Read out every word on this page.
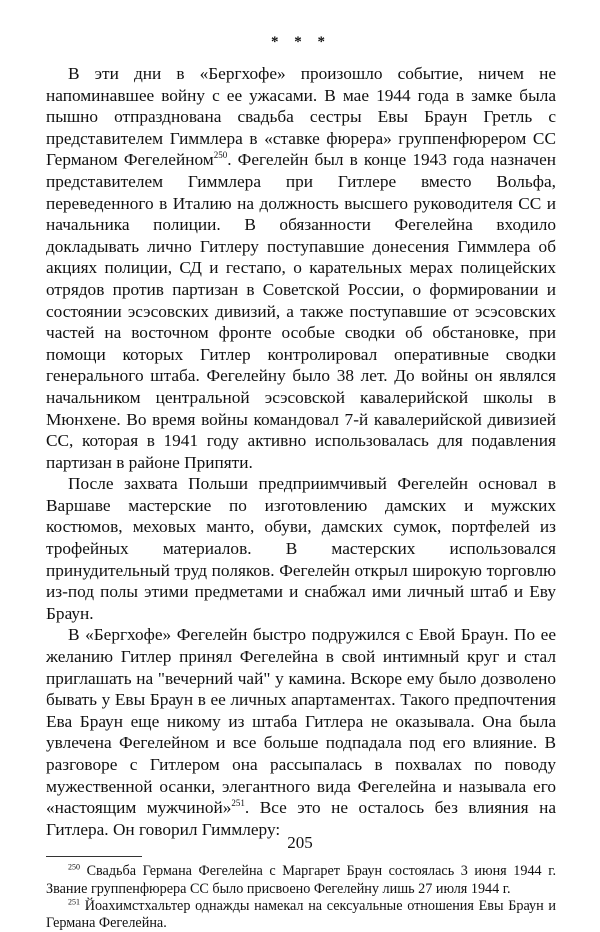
* * *

В эти дни в «Бергхофе» произошло событие, ничем не напоминавшее войну с ее ужасами. В мае 1944 года в замке была пышно отпразднована свадьба сестры Евы Браун Гретль с представителем Гиммлера в «ставке фюрера» группенфюрером СС Германом Фегелейном$^{250}$. Фегелейн был в конце 1943 года назначен представителем Гиммлера при Гитлере вместо Вольфа, переведенного в Италию на должность высшего руководителя СС и начальника полиции. В обязанности Фегелейна входило докладывать лично Гитлеру поступавшие донесения Гиммлера об акциях полиции, СД и гестапо, о карательных мерах полицейских отрядов против партизан в Советской России, о формировании и состоянии эсэсовских дивизий, а также поступавшие от эсэсовских частей на восточном фронте особые сводки об обстановке, при помощи которых Гитлер контролировал оперативные сводки генерального штаба. Фегелейну было 38 лет. До войны он являлся начальником центральной эсэсовской кавалерийской школы в Мюнхене. Во время войны командовал 7-й кавалерийской дивизией СС, которая в 1941 году активно использовалась для подавления партизан в районе Припяти.

После захвата Польши предприимчивый Фегелейн основал в Варшаве мастерские по изготовлению дамских и мужских костюмов, меховых манто, обуви, дамских сумок, портфелей из трофейных материалов. В мастерских использовался принудительный труд поляков. Фегелейн открыл широкую торговлю из-под полы этими предметами и снабжал ими личный штаб и Еву Браун.

В «Бергхофе» Фегелейн быстро подружился с Евой Браун. По ее желанию Гитлер принял Фегелейна в свой интимный круг и стал приглашать на "вечерний чай" у камина. Вскоре ему было дозволено бывать у Евы Браун в ее личных апартаментах. Такого предпочтения Ева Браун еще никому из штаба Гитлера не оказывала. Она была увлечена Фегелейном и все больше подпадала под его влияние. В разговоре с Гитлером она рассыпалась в похвалах по поводу мужественной осанки, элегантного вида Фегелейна и называла его «настоящим мужчиной»$^{251}$. Все это не осталось без влияния на Гитлера. Он говорил Гиммлеру:

$^{250}$ Свадьба Германа Фегелейна с Маргарет Браун состоялась 3 июня 1944 г. Звание группенфюрера СС было присвоено Фегелейну лишь 27 июля 1944 г.

$^{251}$ Йоахимстхальтер однажды намекал на сексуальные отношения Евы Браун и Германа Фегелейна.

205
